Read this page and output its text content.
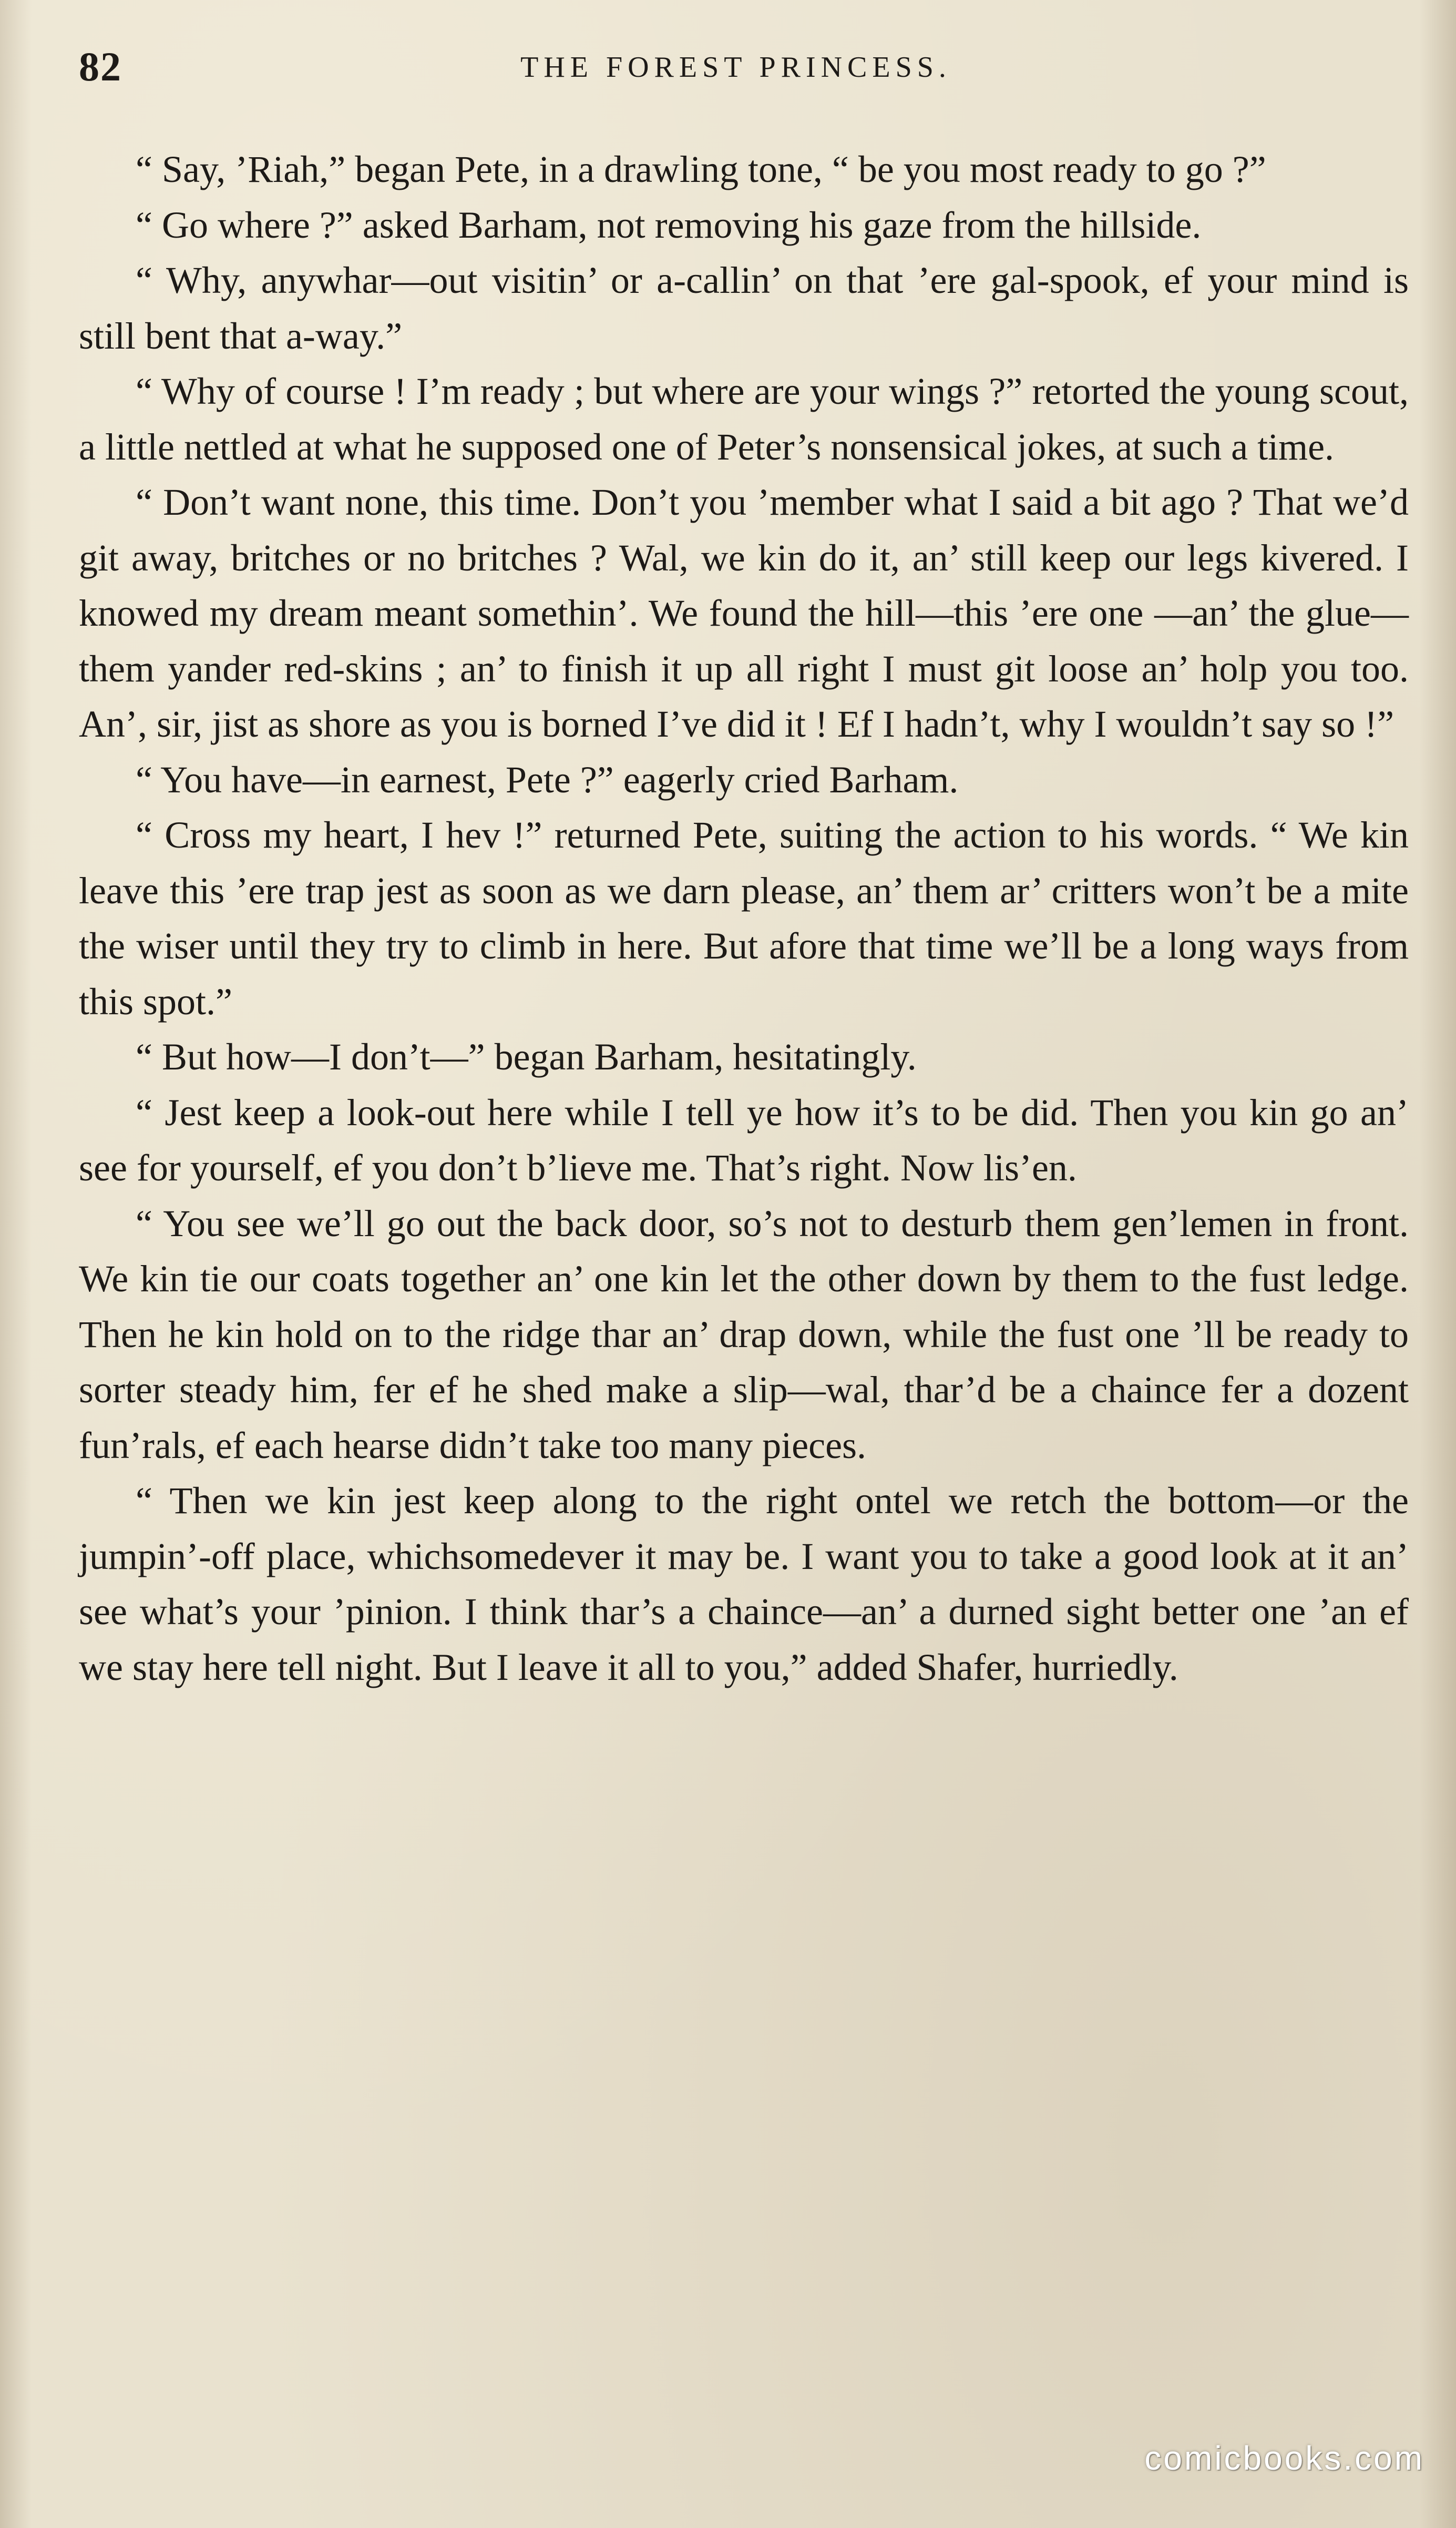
82	THE FOREST PRINCESS.

“ Say, ’Riah,” began Pete, in a drawling tone, “ be you most ready to go ?”

“ Go where ?” asked Barham, not removing his gaze from the hillside.

“ Why, anywhar—out visitin’ or a-callin’ on that ’ere gal-spook, ef your mind is still bent that a-way.”

“ Why of course ! I’m ready ; but where are your wings ?” retorted the young scout, a little nettled at what he supposed one of Peter’s nonsensical jokes, at such a time.

“ Don’t want none, this time. Don’t you ’member what I said a bit ago ? That we’d git away, britches or no britches ? Wal, we kin do it, an’ still keep our legs kivered. I knowed my dream meant somethin’. We found the hill—this ’ere one —an’ the glue—them yander red-skins ; an’ to finish it up all right I must git loose an’ holp you too. An’, sir, jist as shore as you is borned I’ve did it ! Ef I hadn’t, why I wouldn’t say so !”

“ You have—in earnest, Pete ?” eagerly cried Barham.

“ Cross my heart, I hev !” returned Pete, suiting the action to his words. “ We kin leave this ’ere trap jest as soon as we darn please, an’ them ar’ critters won’t be a mite the wiser until they try to climb in here. But afore that time we’ll be a long ways from this spot.”

“ But how—I don’t—” began Barham, hesitatingly.

“ Jest keep a look-out here while I tell ye how it’s to be did. Then you kin go an’ see for yourself, ef you don’t b’lieve me. That’s right. Now lis’en.

“ You see we’ll go out the back door, so’s not to desturb them gen’lemen in front. We kin tie our coats together an’ one kin let the other down by them to the fust ledge. Then he kin hold on to the ridge thar an’ drap down, while the fust one ’ll be ready to sorter steady him, fer ef he shed make a slip—wal, thar’d be a chaince fer a dozent fun’rals, ef each hearse didn’t take too many pieces.

“ Then we kin jest keep along to the right ontel we retch the bottom—or the jumpin’-off place, whichsomedever it may be. I want you to take a good look at it an’ see what’s your ’pinion. I think thar’s a chaince—an’ a durned sight better one ’an ef we stay here tell night. But I leave it all to you,” added Shafer, hurriedly.

comicbooks.com
